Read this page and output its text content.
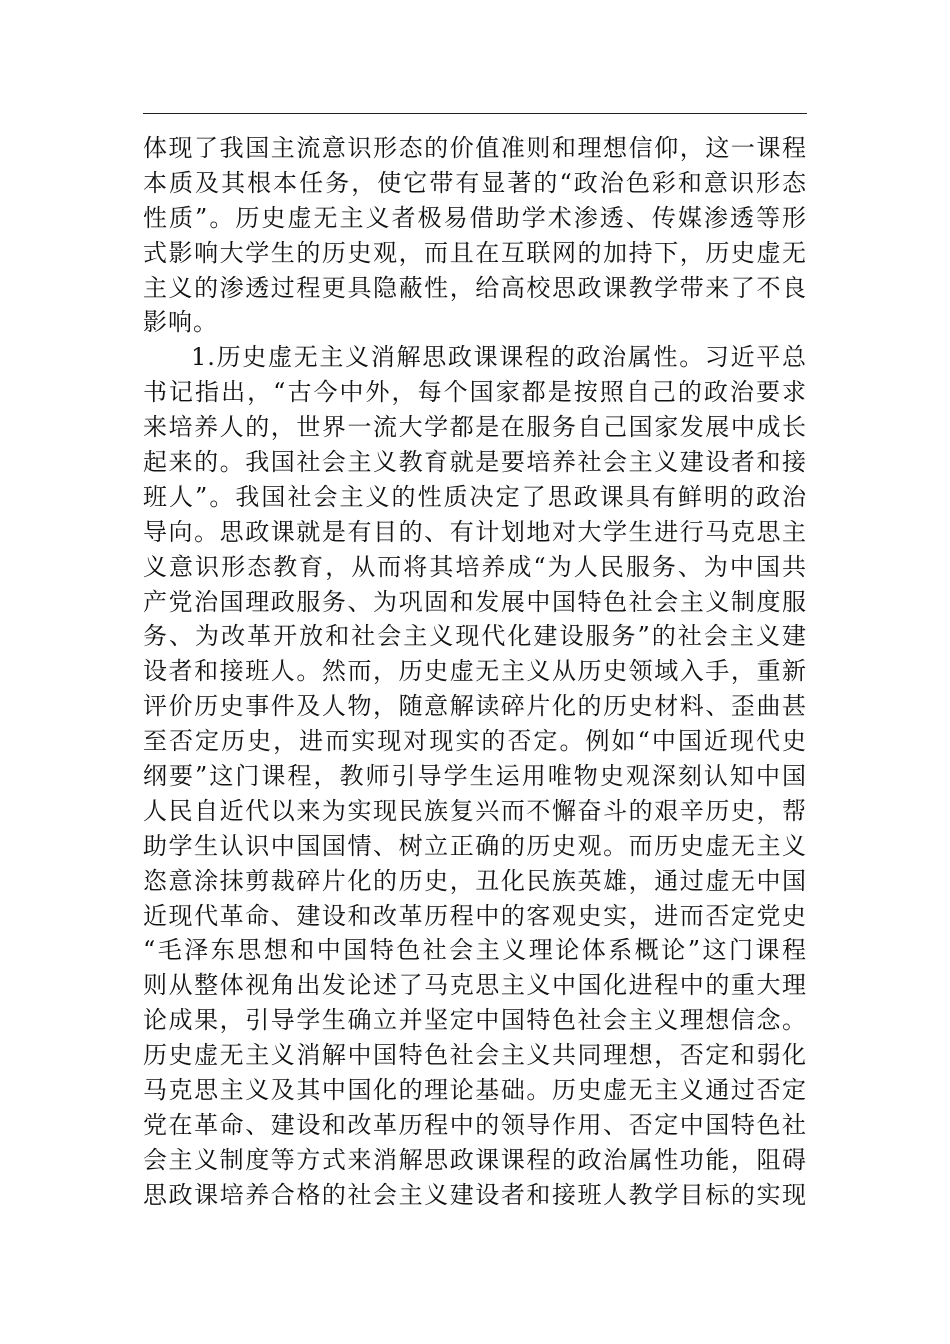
体现了我国主流意识形态的价值准则和理想信仰，这一课程
本质及其根本任务，使它带有显著的“政治色彩和意识形态
性质”。历史虚无主义者极易借助学术渗透、传媒渗透等形
式影响大学生的历史观，而且在互联网的加持下，历史虚无
主义的渗透过程更具隐蔽性，给高校思政课教学带来了不良
影响。
1.历史虚无主义消解思政课课程的政治属性。习近平总
书记指出，“古今中外，每个国家都是按照自己的政治要求
来培养人的，世界一流大学都是在服务自己国家发展中成长
起来的。我国社会主义教育就是要培养社会主义建设者和接
班人”。我国社会主义的性质决定了思政课具有鲜明的政治
导向。思政课就是有目的、有计划地对大学生进行马克思主
义意识形态教育，从而将其培养成“为人民服务、为中国共
产党治国理政服务、为巩固和发展中国特色社会主义制度服
务、为改革开放和社会主义现代化建设服务”的社会主义建
设者和接班人。然而，历史虚无主义从历史领域入手，重新
评价历史事件及人物，随意解读碎片化的历史材料、歪曲甚
至否定历史，进而实现对现实的否定。例如“中国近现代史
纲要”这门课程，教师引导学生运用唯物史观深刻认知中国
人民自近代以来为实现民族复兴而不懈奋斗的艰辛历史，帮
助学生认识中国国情、树立正确的历史观。而历史虚无主义
恣意涂抹剪裁碎片化的历史，丑化民族英雄，通过虚无中国
近现代革命、建设和改革历程中的客观史实，进而否定党史
“毛泽东思想和中国特色社会主义理论体系概论”这门课程
则从整体视角出发论述了马克思主义中国化进程中的重大理
论成果，引导学生确立并坚定中国特色社会主义理想信念。
历史虚无主义消解中国特色社会主义共同理想，否定和弱化
马克思主义及其中国化的理论基础。历史虚无主义通过否定
党在革命、建设和改革历程中的领导作用、否定中国特色社
会主义制度等方式来消解思政课课程的政治属性功能，阻碍
思政课培养合格的社会主义建设者和接班人教学目标的实现
